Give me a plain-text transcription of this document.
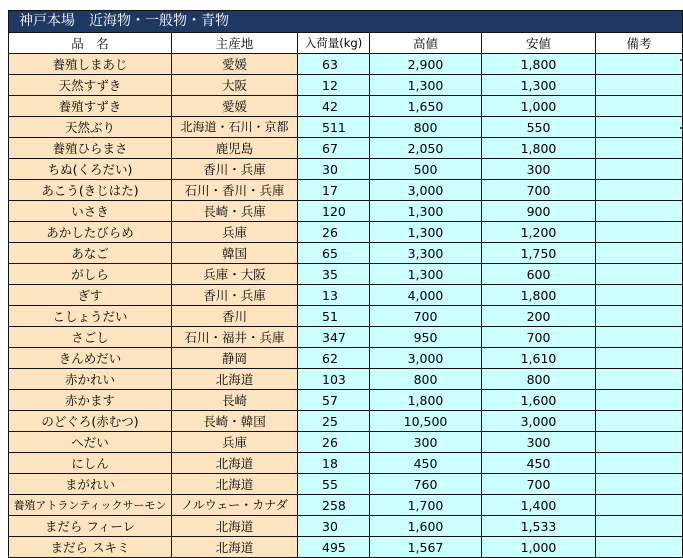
神戸本場　近海物・一般物・青物					
品　名	主産地	入荷量(kg)	高値	安値	備考
養殖しまあじ	愛媛	63	2,900	1,800	
天然すずき	大阪	12	1,300	1,300	
養殖すずき	愛媛	42	1,650	1,000	
天然ぶり	北海道・石川・京都	511	800	550	
養殖ひらまさ	鹿児島	67	2,050	1,800	
ちぬ(くろだい)	香川・兵庫	30	500	300	
あこう(きじはた)	石川・香川・兵庫	17	3,000	700	
いさき	長崎・兵庫	120	1,300	900	
あかしたびらめ	兵庫	26	1,300	1,200	
あなご	韓国	65	3,300	1,750	
がしら	兵庫・大阪	35	1,300	600	
ぎす	香川・兵庫	13	4,000	1,800	
こしょうだい	香川	51	700	200	
さごし	石川・福井・兵庫	347	950	700	
きんめだい	静岡	62	3,000	1,610	
赤かれい	北海道	103	800	800	
赤かます	長崎	57	1,800	1,600	
のどぐろ(赤むつ)	長崎・韓国	25	10,500	3,000	
へだい	兵庫	26	300	300	
にしん	北海道	18	450	450	
まがれい	北海道	55	760	700	
養殖アトランティックサーモン	ノルウェー・カナダ	258	1,700	1,400	
まだら フィーレ	北海道	30	1,600	1,533	
まだら スキミ	北海道	495	1,567	1,000	
